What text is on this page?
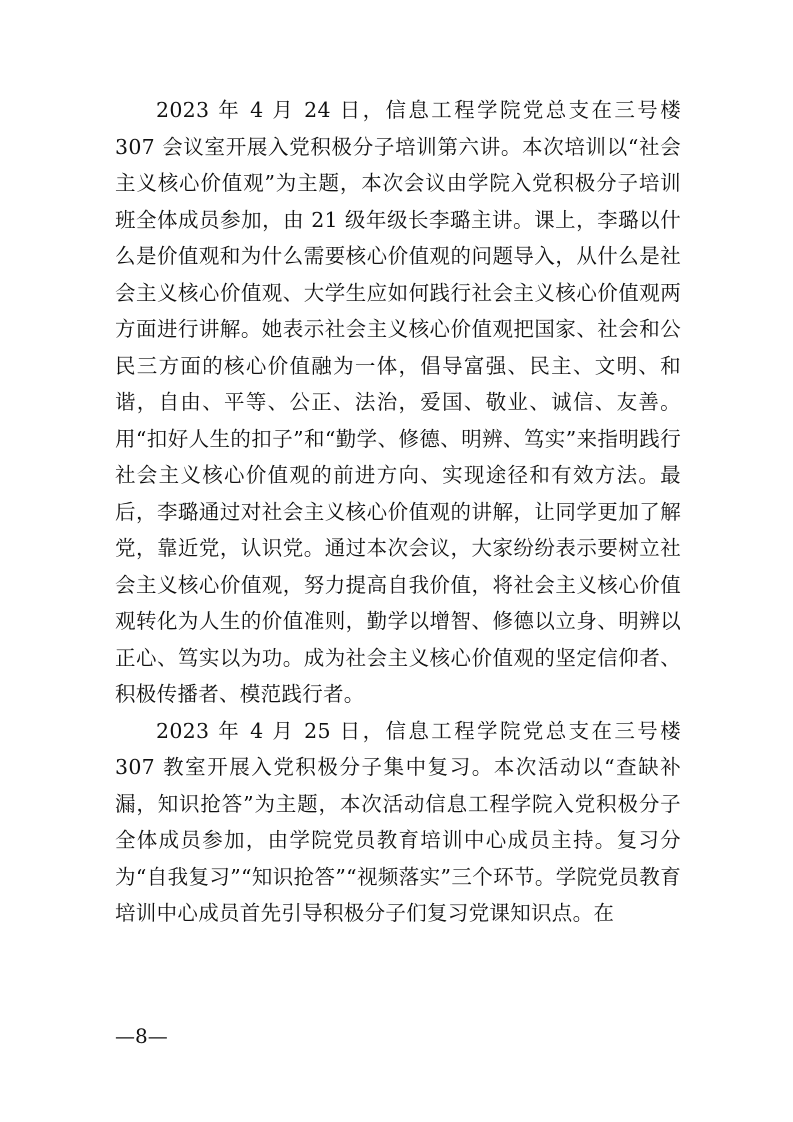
2023 年 4 月 24 日，信息工程学院党总支在三号楼 307 会议室开展入党积极分子培训第六讲。本次培训以“社会主义核心价值观”为主题，本次会议由学院入党积极分子培训班全体成员参加，由 21 级年级长李璐主讲。课上，李璐以什么是价值观和为什么需要核心价值观的问题导入，从什么是社会主义核心价值观、大学生应如何践行社会主义核心价值观两方面进行讲解。她表示社会主义核心价值观把国家、社会和公民三方面的核心价值融为一体，倡导富强、民主、文明、和谐，自由、平等、公正、法治，爱国、敬业、诚信、友善。用“扣好人生的扣子”和“勤学、修德、明辨、笃实”来指明践行社会主义核心价值观的前进方向、实现途径和有效方法。最后，李璐通过对社会主义核心价值观的讲解，让同学更加了解党，靠近党，认识党。通过本次会议，大家纷纷表示要树立社会主义核心价值观，努力提高自我价值，将社会主义核心价值观转化为人生的价值准则，勤学以增智、修德以立身、明辨以正心、笃实以为功。成为社会主义核心价值观的坚定信仰者、积极传播者、模范践行者。

2023 年 4 月 25 日，信息工程学院党总支在三号楼 307 教室开展入党积极分子集中复习。本次活动以“查缺补漏，知识抢答”为主题，本次活动信息工程学院入党积极分子全体成员参加，由学院党员教育培训中心成员主持。复习分为“自我复习”“知识抢答”“视频落实”三个环节。学院党员教育培训中心成员首先引导积极分子们复习党课知识点。在

—8—
